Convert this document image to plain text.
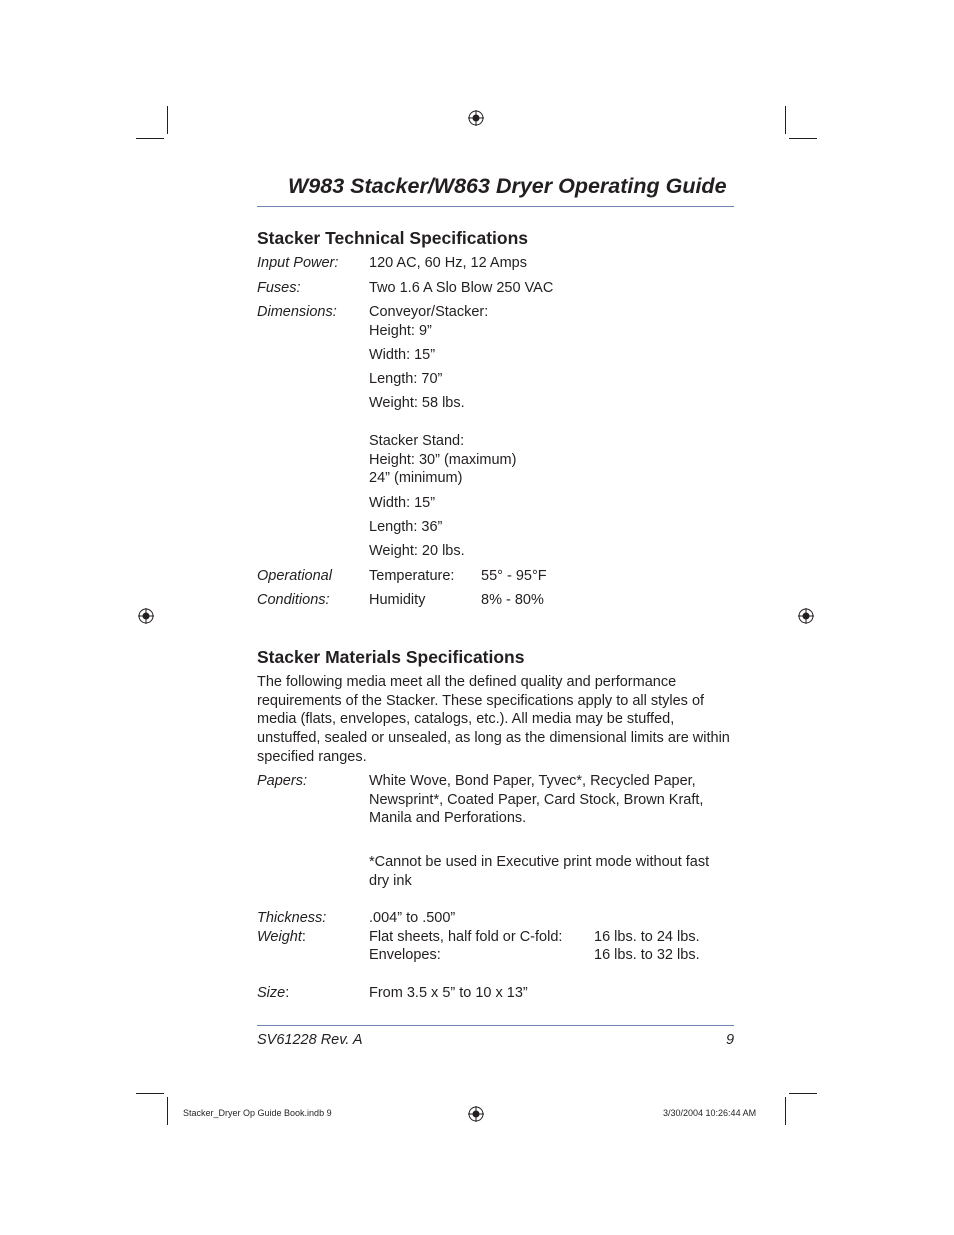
W983 Stacker/W863 Dryer Operating Guide
Stacker Technical Specifications
Input Power: 120 AC, 60 Hz, 12 Amps
Fuses:	Two 1.6 A Slo Blow 250 VAC
Dimensions: Conveyor/Stacker:
Height: 9”
Width: 15”
Length: 70”
Weight: 58 lbs.
Stacker Stand:
Height: 30” (maximum)
24” (minimum)
Width: 15”
Length: 36”
Weight: 20 lbs.
Operational	Temperature: 55° - 95°F
Conditions:	Humidity	8% - 80%
Stacker Materials Specifications
The following media meet all the defined quality and performance requirements of the Stacker. These specifications apply to all styles of media (flats, envelopes, catalogs, etc.). All media may be stuffed, unstuffed, sealed or unsealed, as long as the dimensional limits are within specified ranges.
Papers:	White Wove, Bond Paper, Tyvec*, Recycled Paper, Newsprint*, Coated Paper, Card Stock, Brown Kraft, Manila and Perforations.
*Cannot be used in Executive print mode without fast dry ink
Thickness:	.004” to .500”
Weight:	Flat sheets, half fold or C-fold: 16 lbs. to 24 lbs.
Envelopes:	16 lbs. to 32 lbs.
Size:	From 3.5 x 5” to 10 x 13”
SV61228 Rev. A	9
Stacker_Dryer Op Guide Book.indb 9	3/30/2004 10:26:44 AM
